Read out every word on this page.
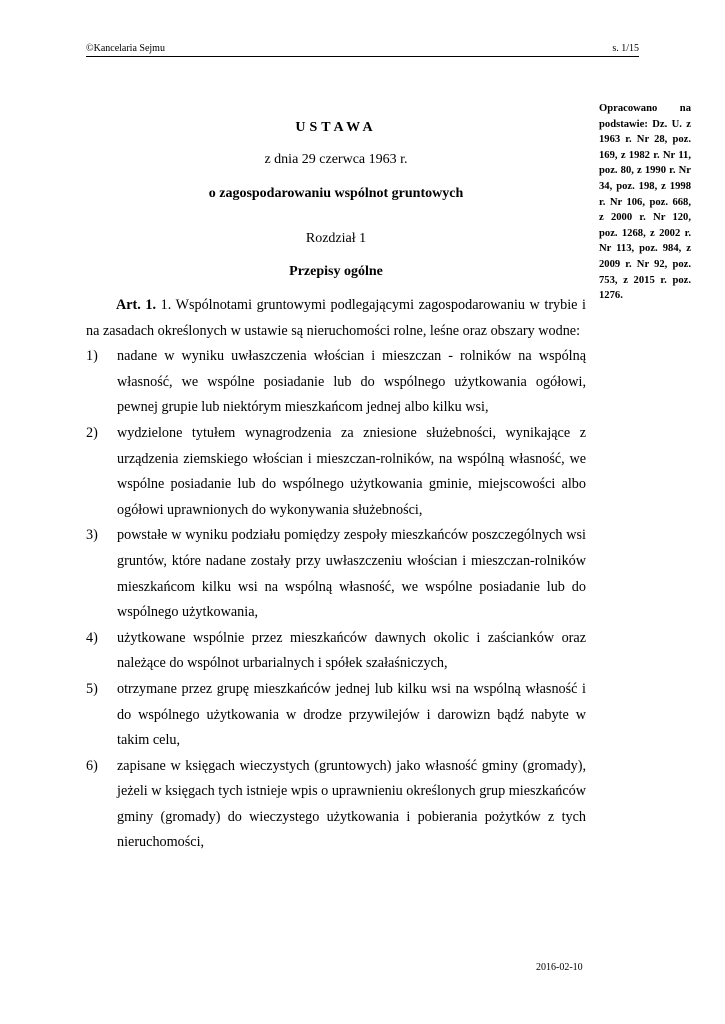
©Kancelaria Sejmu	s. 1/15
Opracowano na podstawie: Dz. U. z 1963 r. Nr 28, poz. 169, z 1982 r. Nr 11, poz. 80, z 1990 r. Nr 34, poz. 198, z 1998 r. Nr 106, poz. 668, z 2000 r. Nr 120, poz. 1268, z 2002 r. Nr 113, poz. 984, z 2009 r. Nr 92, poz. 753, z 2015 r. poz. 1276.
USTAWA
z dnia 29 czerwca 1963 r.
o zagospodarowaniu wspólnot gruntowych
Rozdział 1
Przepisy ogólne

Art. 1. 1. Wspólnotami gruntowymi podlegającymi zagospodarowaniu w trybie i na zasadach określonych w ustawie są nieruchomości rolne, leśne oraz obszary wodne:

1) nadane w wyniku uwłaszczenia włościan i mieszczan - rolników na wspólną własność, we wspólne posiadanie lub do wspólnego użytkowania ogółowi, pewnej grupie lub niektórym mieszkańcom jednej albo kilku wsi,
2) wydzielone tytułem wynagrodzenia za zniesione służebności, wynikające z urządzenia ziemskiego włościan i mieszczan-rolników, na wspólną własność, we wspólne posiadanie lub do wspólnego użytkowania gminie, miejscowości albo ogółowi uprawnionych do wykonywania służebności,
3) powstałe w wyniku podziału pomiędzy zespoły mieszkańców poszczególnych wsi gruntów, które nadane zostały przy uwłaszczeniu włościan i mieszczan-rolników mieszkańcom kilku wsi na wspólną własność, we wspólne posiadanie lub do wspólnego użytkowania,
4) użytkowane wspólnie przez mieszkańców dawnych okolic i zaścianków oraz należące do wspólnot urbarialnych i spółek szałaśniczych,
5) otrzymane przez grupę mieszkańców jednej lub kilku wsi na wspólną własność i do wspólnego użytkowania w drodze przywilejów i darowizn bądź nabyte w takim celu,
6) zapisane w księgach wieczystych (gruntowych) jako własność gminy (gromady), jeżeli w księgach tych istnieje wpis o uprawnieniu określonych grup mieszkańców gminy (gromady) do wieczystego użytkowania i pobierania pożytków z tych nieruchomości,
2016-02-10
